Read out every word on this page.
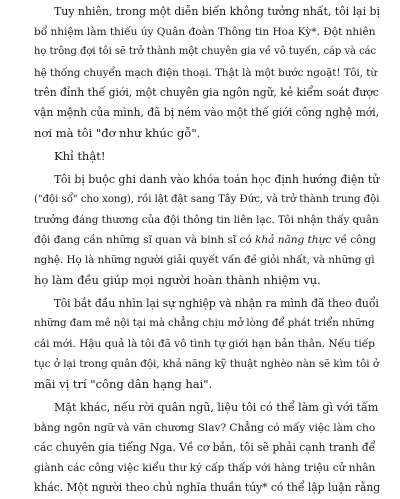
Tuy nhiên, trong một diễn biến không tưởng nhất, tôi lại bị
bổ nhiệm làm thiếu úy Quân đoàn Thông tin Hoa Kỳ*. Đột nhiên
họ trông đợi tôi sẽ trở thành một chuyên gia về vô tuyến, cáp và các
hệ thống chuyển mạch điện thoại. Thật là một bước ngoặt! Tôi, từ
trên đỉnh thế giới, một chuyên gia ngôn ngữ, kẻ kiểm soát được
vận mệnh của mình, đã bị ném vào một thế giới công nghệ mới,
nơi mà tôi "đơ như khúc gỗ".
Khỉ thật!
Tôi bị buộc ghi danh vào khóa toán học định hướng điện tử
("đội sổ" cho xong), rồi lật đật sang Tây Đức, và trở thành trung đội
trưởng đáng thương của đội thông tin liên lạc. Tôi nhận thấy quân
đội đang cần những sĩ quan và binh sĩ có khả năng thực về công
nghệ. Họ là những người giải quyết vấn đề giỏi nhất, và những gì
họ làm đều giúp mọi người hoàn thành nhiệm vụ.
Tôi bắt đầu nhìn lại sự nghiệp và nhận ra mình đã theo đuổi
những đam mê nội tại mà chẳng chịu mở lòng để phát triển những
cái mới. Hậu quả là tôi đã vô tình tự giới hạn bản thân. Nếu tiếp
tục ở lại trong quân đội, khả năng kỹ thuật nghèo nàn sẽ kìm tôi ở
mãi vị trí "công dân hạng hai".
Mặt khác, nếu rời quân ngũ, liệu tôi có thể làm gì với tấm
bằng ngôn ngữ và văn chương Slav? Chẳng có mấy việc làm cho
các chuyên gia tiếng Nga. Về cơ bản, tôi sẽ phải cạnh tranh để
giành các công việc kiểu thư ký cấp thấp với hàng triệu cử nhân
khác. Một người theo chủ nghĩa thuần túy* có thể lập luận rằng
